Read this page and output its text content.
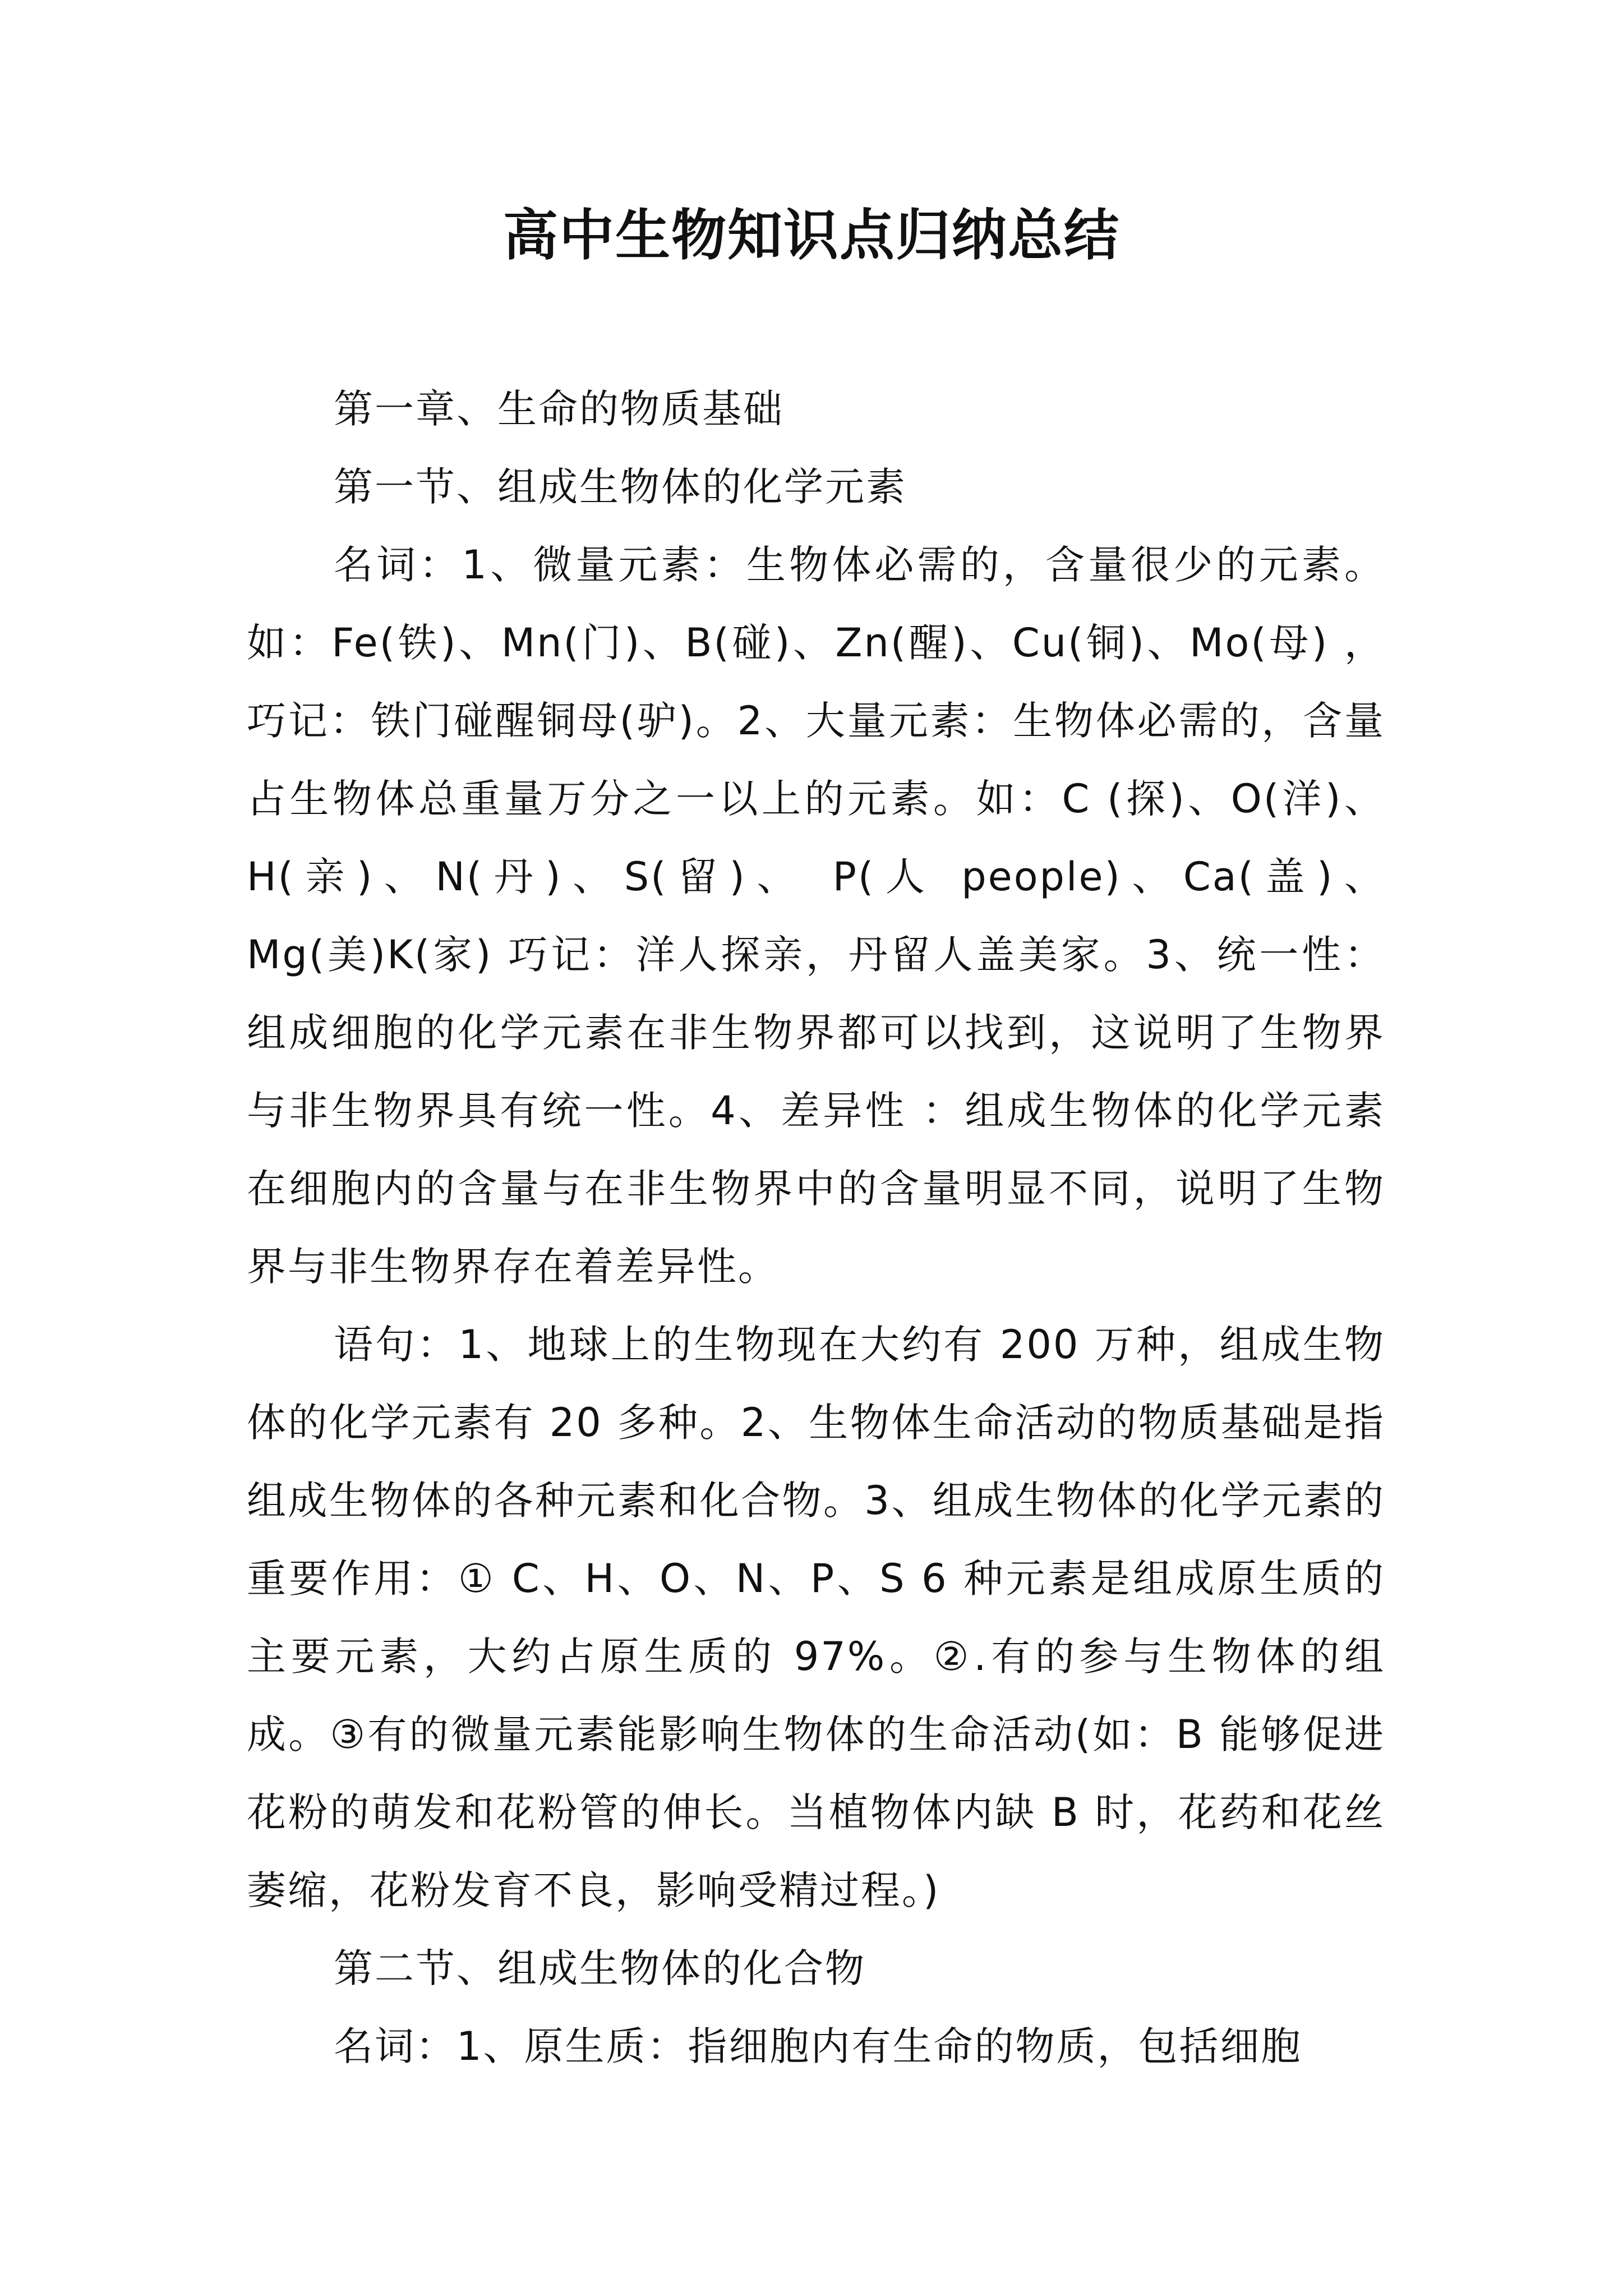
高中生物知识点归纳总结

第一章、生命的物质基础

第一节、组成生物体的化学元素

名词：1、微量元素：生物体必需的，含量很少的元素。如：Fe(铁)、Mn(门)、B(碰)、Zn(醒)、Cu(铜)、Mo(母) ，巧记：铁门碰醒铜母(驴)。2、大量元素：生物体必需的，含量占生物体总重量万分之一以上的元素。如：C (探)、O(洋)、H(亲)、N(丹)、S(留)、 P(人 people)、Ca(盖)、Mg(美)K(家) 巧记：洋人探亲，丹留人盖美家。3、统一性：组成细胞的化学元素在非生物界都可以找到，这说明了生物界与非生物界具有统一性。4、差异性 ：组成生物体的化学元素在细胞内的含量与在非生物界中的含量明显不同，说明了生物界与非生物界存在着差异性。

语句：1、地球上的生物现在大约有 200 万种，组成生物体的化学元素有 20 多种。2、生物体生命活动的物质基础是指组成生物体的各种元素和化合物。3、组成生物体的化学元素的重要作用：① C、H、O、N、P、S 6 种元素是组成原生质的主要元素，大约占原生质的 97%。②.有的参与生物体的组成。③有的微量元素能影响生物体的生命活动(如：B 能够促进花粉的萌发和花粉管的伸长。当植物体内缺 B 时，花药和花丝萎缩，花粉发育不良，影响受精过程。)

第二节、组成生物体的化合物

名词：1、原生质：指细胞内有生命的物质，包括细胞
